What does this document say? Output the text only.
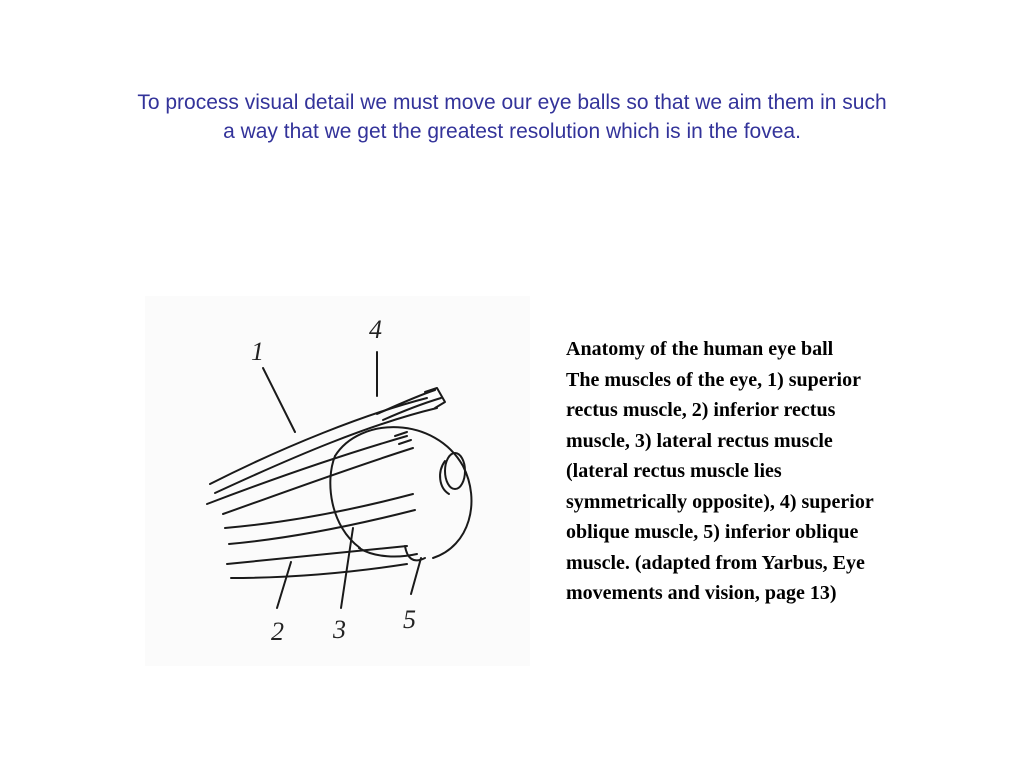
To process visual detail we must move our eye balls so that we aim them in such
a way that we get the greatest resolution which is in the fovea.
1
4
2 3 5
Anatomy of the human eye ball
The muscles of the eye, 1) superior
rectus muscle, 2) inferior rectus
muscle, 3) lateral rectus muscle
(lateral rectus muscle lies
symmetrically opposite), 4) superior
oblique muscle, 5) inferior oblique
muscle. (adapted from Yarbus, Eye
movements and vision, page 13)
